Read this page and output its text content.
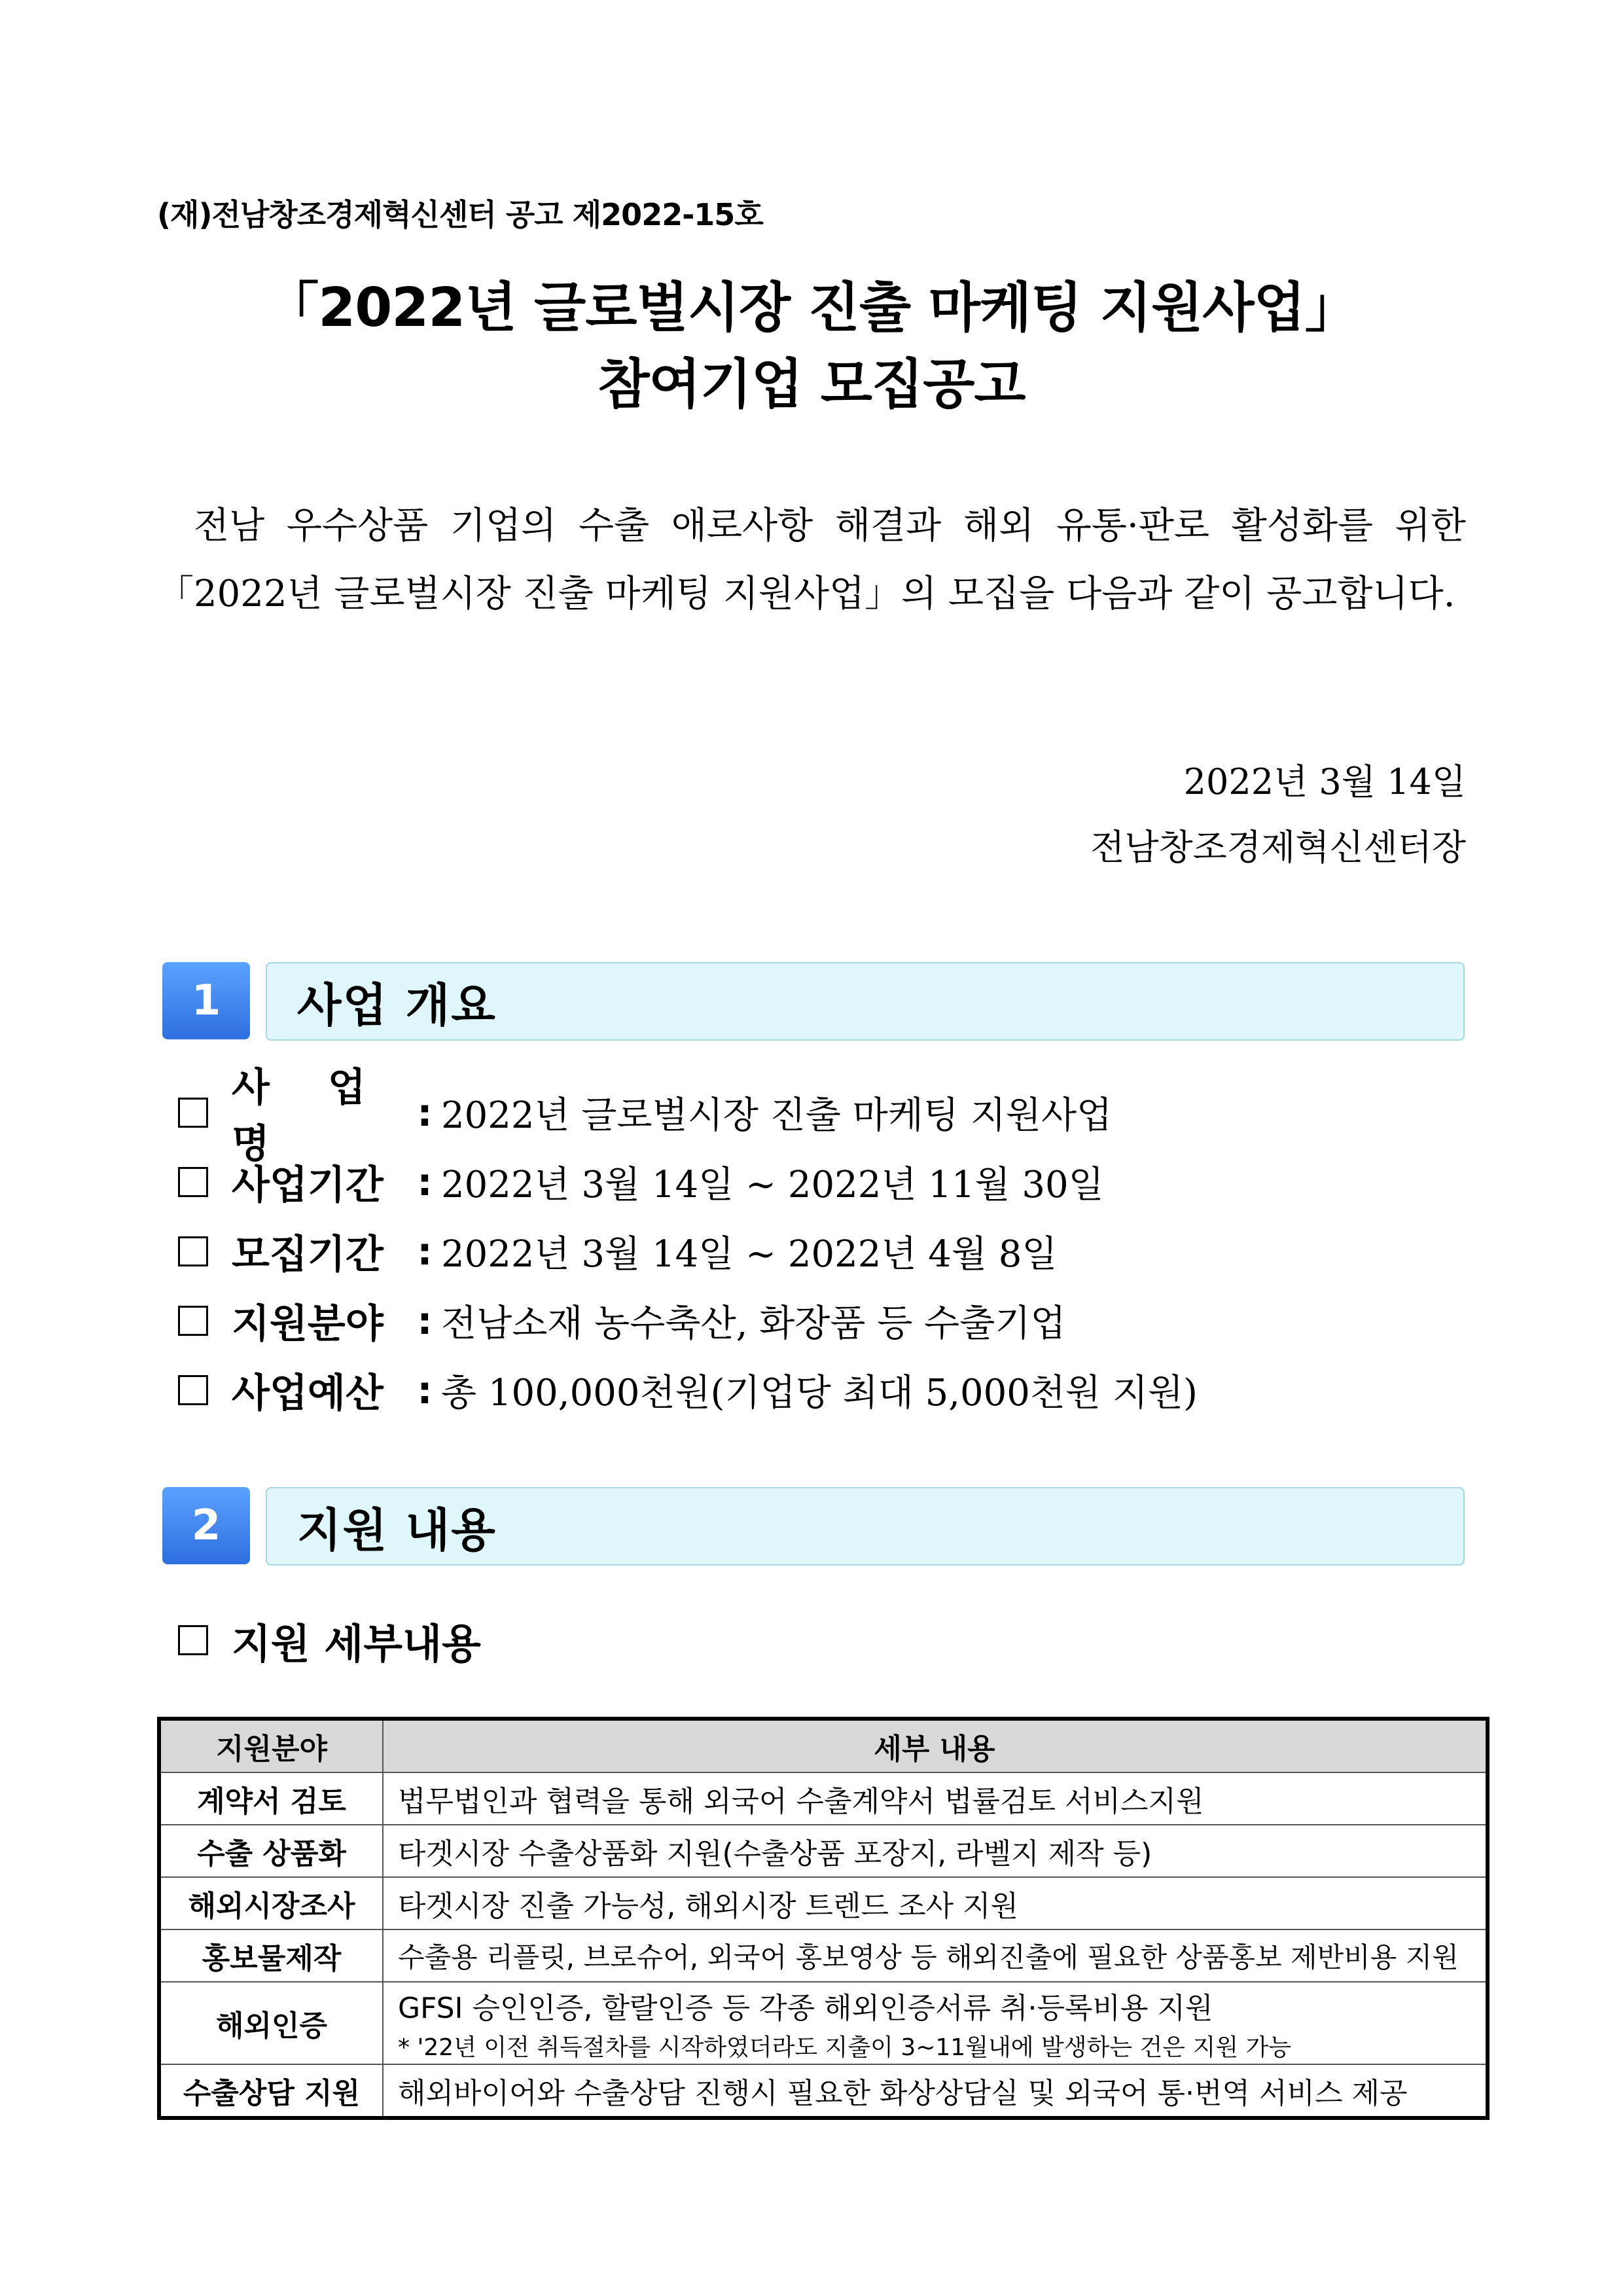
(재)전남창조경제혁신센터 공고 제2022-15호
「2022년 글로벌시장 진출 마케팅 지원사업」
참여기업 모집공고
전남 우수상품 기업의 수출 애로사항 해결과 해외 유통·판로 활성화를 위한「2022년 글로벌시장 진출 마케팅 지원사업」의 모집을 다음과 같이 공고합니다.
2022년 3월 14일
전남창조경제혁신센터장
1	사업 개요
사 업 명
: 2022년 글로벌시장 진출 마케팅 지원사업
사업기간 : 2022년 3월 14일 ~ 2022년 11월 30일
모집기간 : 2022년 3월 14일 ~ 2022년 4월 8일
지원분야 : 전남소재 농수축산, 화장품 등 수출기업
사업예산 : 총 100,000천원(기업당 최대 5,000천원 지원)
2	지원 내용
지원 세부내용
지원분야	세부 내용
계약서 검토	법무법인과 협력을 통해 외국어 수출계약서 법률검토 서비스지원
수출 상품화	타겟시장 수출상품화 지원(수출상품 포장지, 라벨지 제작 등)
해외시장조사	타겟시장 진출 가능성, 해외시장 트렌드 조사 지원
홍보물제작	수출용 리플릿, 브로슈어, 외국어 홍보영상 등 해외진출에 필요한 상품홍보 제반비용 지원
해외인증	GFSI 승인인증, 할랄인증 등 각종 해외인증서류 취·등록비용 지원
* '22년 이전 취득절차를 시작하였더라도 지출이 3~11월내에 발생하는 건은 지원 가능

수출상담 지원	해외바이어와 수출상담 진행시 필요한 화상상담실 및 외국어 통·번역 서비스 제공
